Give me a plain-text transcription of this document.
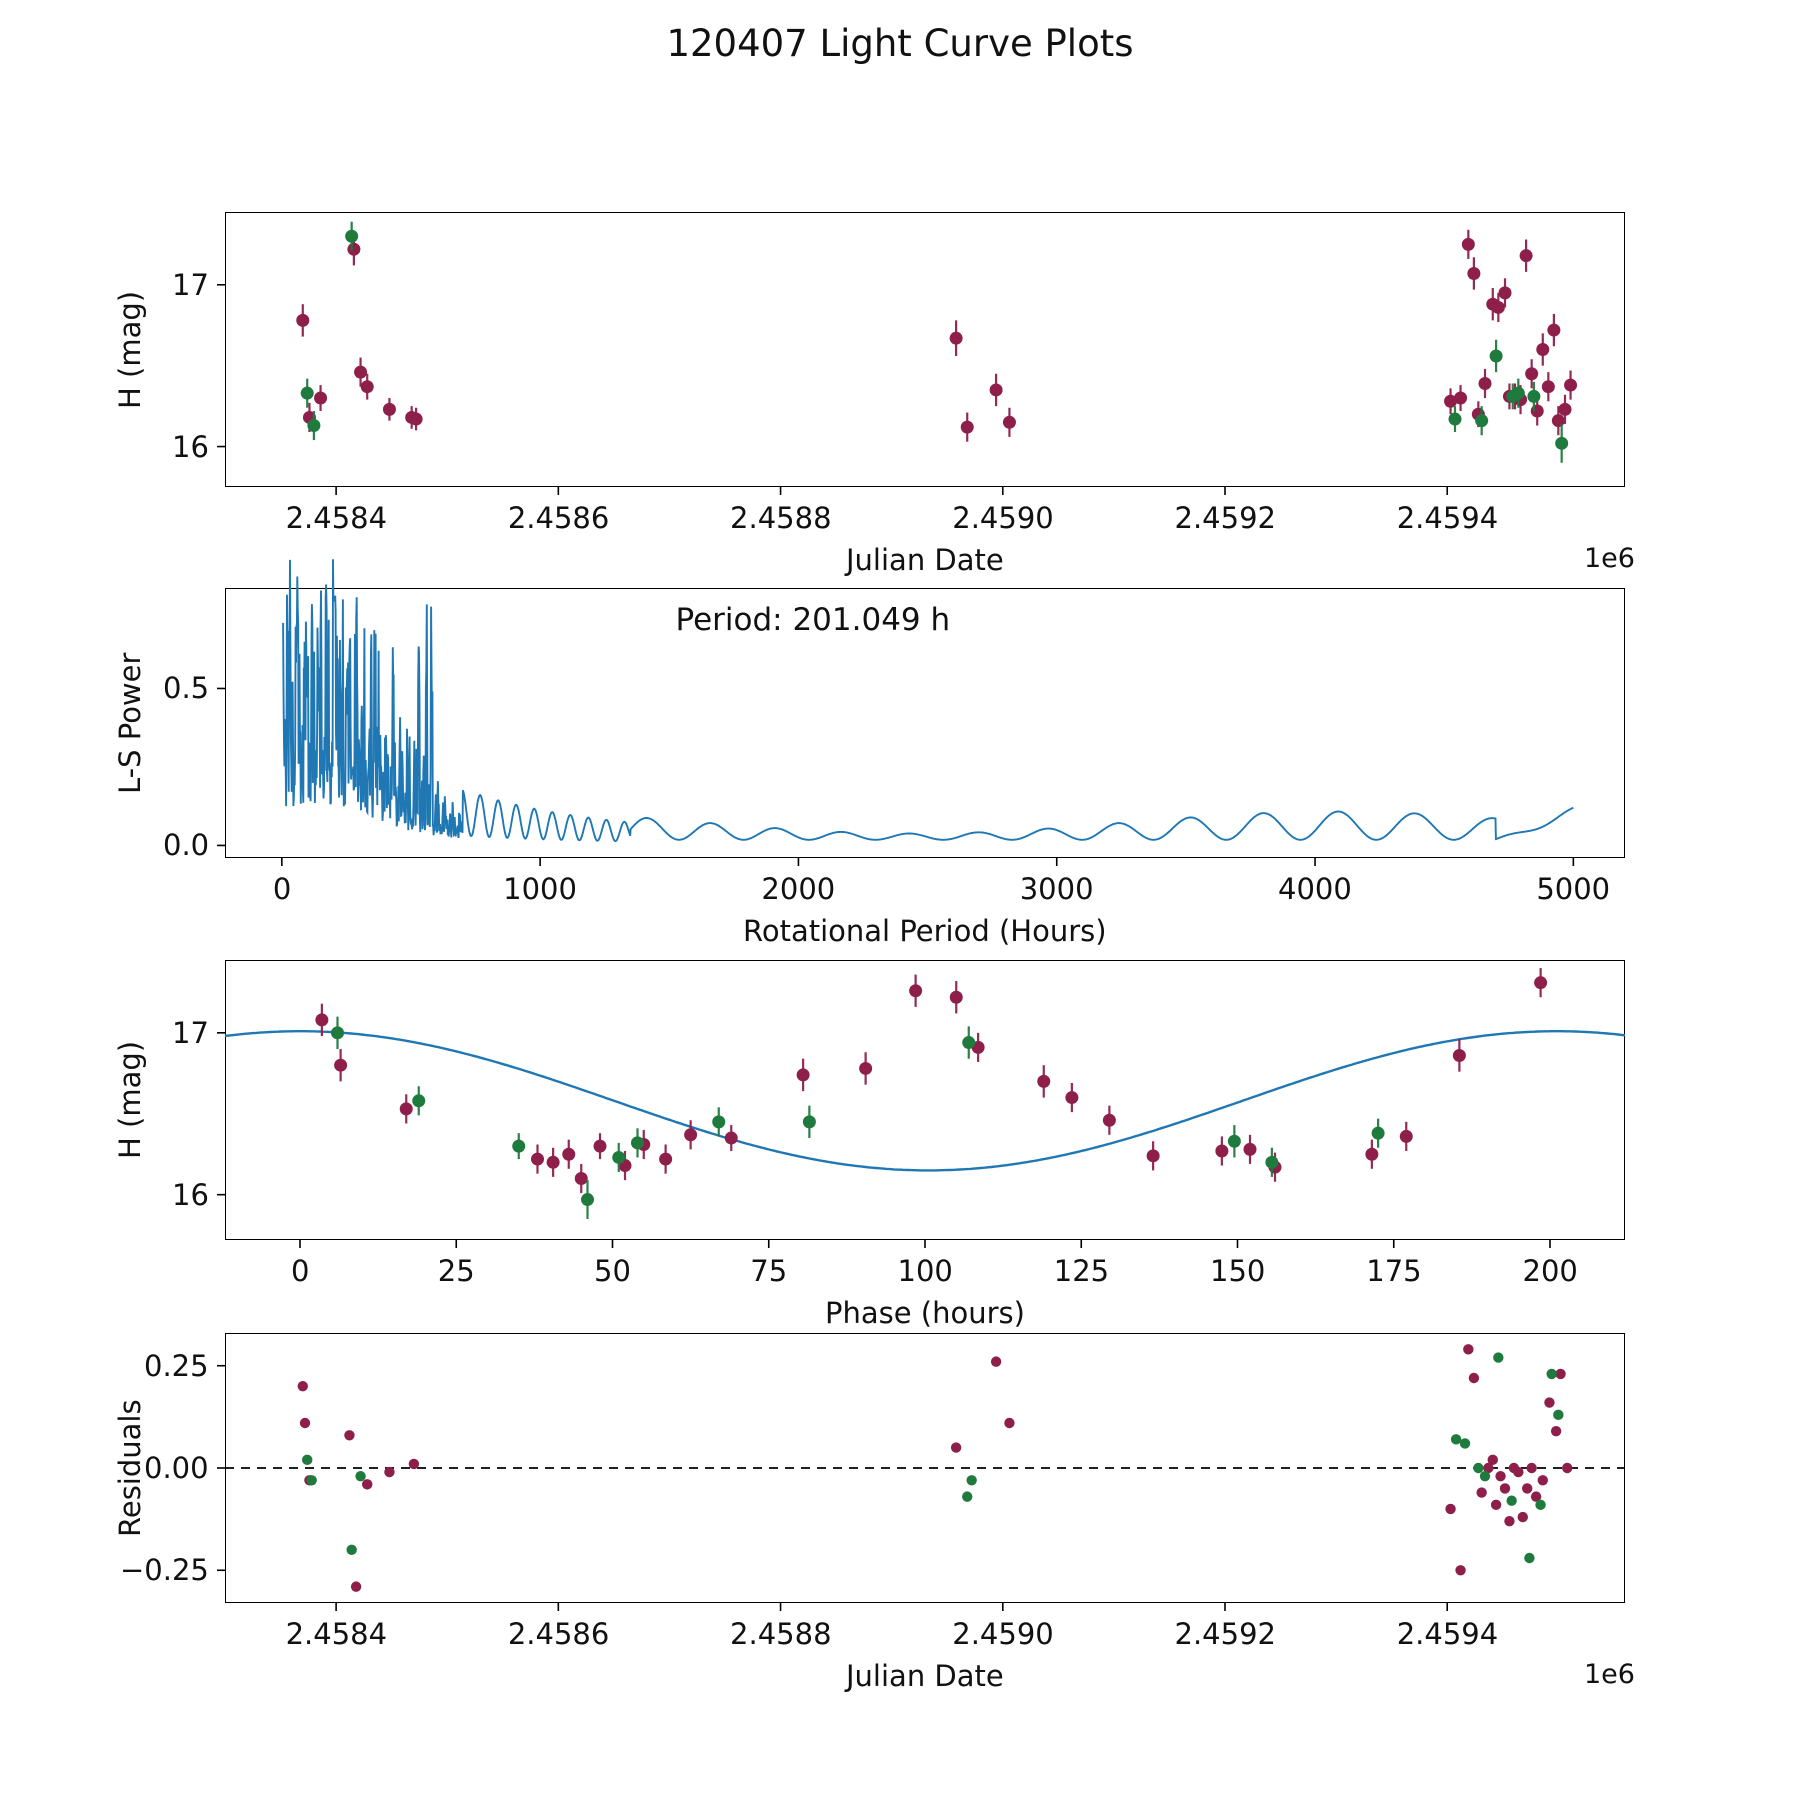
120407 Light Curve Plots
2.4584	2.4586	2.4588	2.4590	2.4592	2.4594
16
17
Julian Date	1e6
H (mag)
0	1000	2000	3000	4000	5000
0.0
0.5
Rotational Period (Hours)
L-S Power
Period: 201.049 h
0	25	50	75	100	125	150	175	200
16
17
Phase (hours)
H (mag)
2.4584	2.4586	2.4588	2.4590	2.4592	2.4594
−0.25
0.00
0.25
Julian Date	1e6
Residuals
